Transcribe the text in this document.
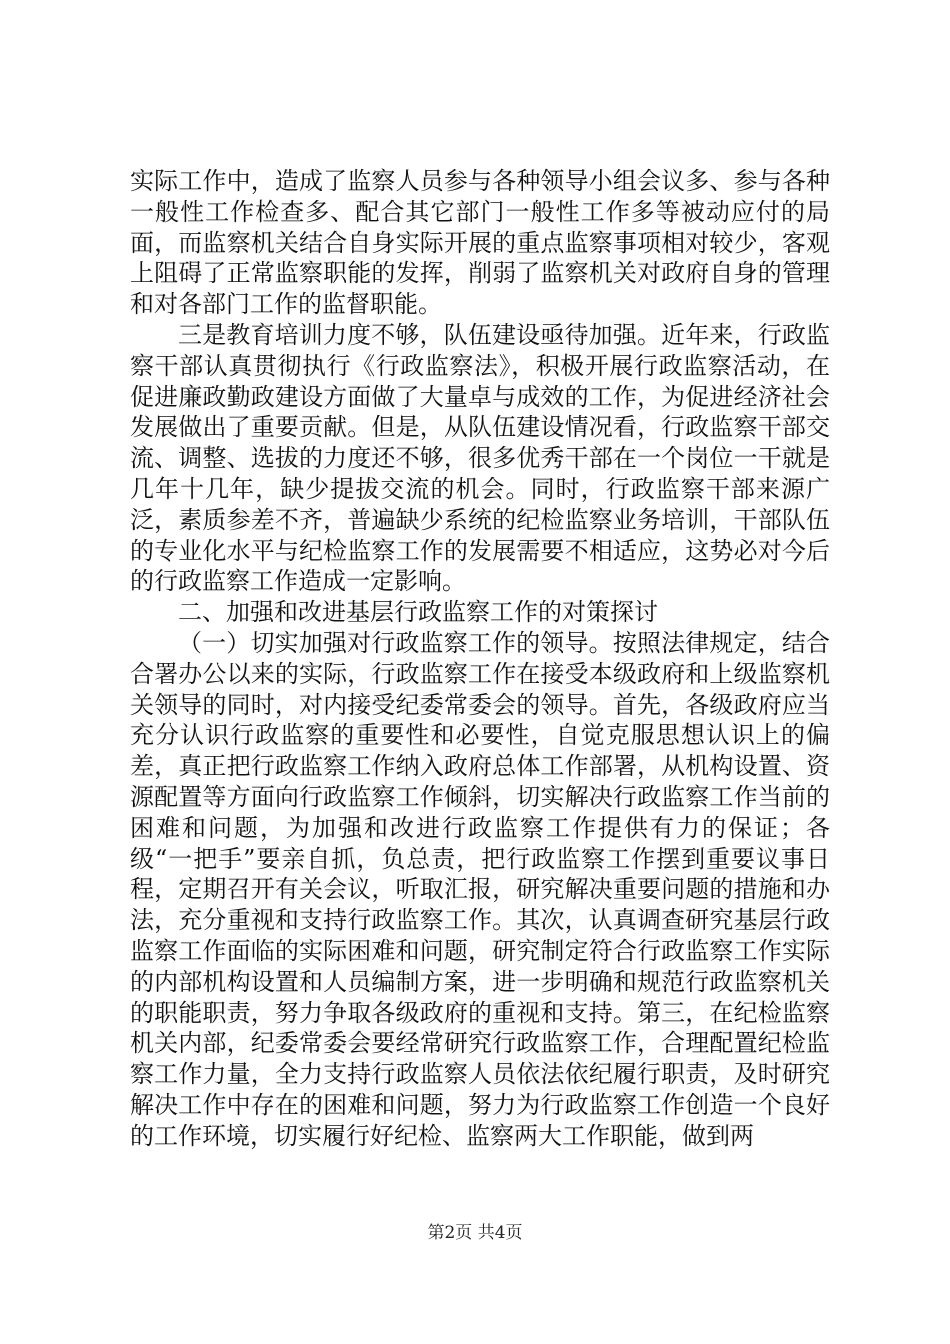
实际工作中，造成了监察人员参与各种领导小组会议多、参与各种一般性工作检查多、配合其它部门一般性工作多等被动应付的局面，而监察机关结合自身实际开展的重点监察事项相对较少，客观上阻碍了正常监察职能的发挥，削弱了监察机关对政府自身的管理和对各部门工作的监督职能。

三是教育培训力度不够，队伍建设亟待加强。近年来，行政监察干部认真贯彻执行《行政监察法》，积极开展行政监察活动，在促进廉政勤政建设方面做了大量卓与成效的工作，为促进经济社会发展做出了重要贡献。但是，从队伍建设情况看，行政监察干部交流、调整、选拔的力度还不够，很多优秀干部在一个岗位一干就是几年十几年，缺少提拔交流的机会。同时，行政监察干部来源广泛，素质参差不齐，普遍缺少系统的纪检监察业务培训，干部队伍的专业化水平与纪检监察工作的发展需要不相适应，这势必对今后的行政监察工作造成一定影响。

二、加强和改进基层行政监察工作的对策探讨

（一）切实加强对行政监察工作的领导。按照法律规定，结合合署办公以来的实际，行政监察工作在接受本级政府和上级监察机关领导的同时，对内接受纪委常委会的领导。首先，各级政府应当充分认识行政监察的重要性和必要性，自觉克服思想认识上的偏差，真正把行政监察工作纳入政府总体工作部署，从机构设置、资源配置等方面向行政监察工作倾斜，切实解决行政监察工作当前的困难和问题，为加强和改进行政监察工作提供有力的保证；各级“一把手”要亲自抓，负总责，把行政监察工作摆到重要议事日程，定期召开有关会议，听取汇报，研究解决重要问题的措施和办法，充分重视和支持行政监察工作。其次，认真调查研究基层行政监察工作面临的实际困难和问题，研究制定符合行政监察工作实际的内部机构设置和人员编制方案，进一步明确和规范行政监察机关的职能职责，努力争取各级政府的重视和支持。第三，在纪检监察机关内部，纪委常委会要经常研究行政监察工作，合理配置纪检监察工作力量，全力支持行政监察人员依法依纪履行职责，及时研究解决工作中存在的困难和问题，努力为行政监察工作创造一个良好的工作环境，切实履行好纪检、监察两大工作职能，做到两

第2页 共4页
